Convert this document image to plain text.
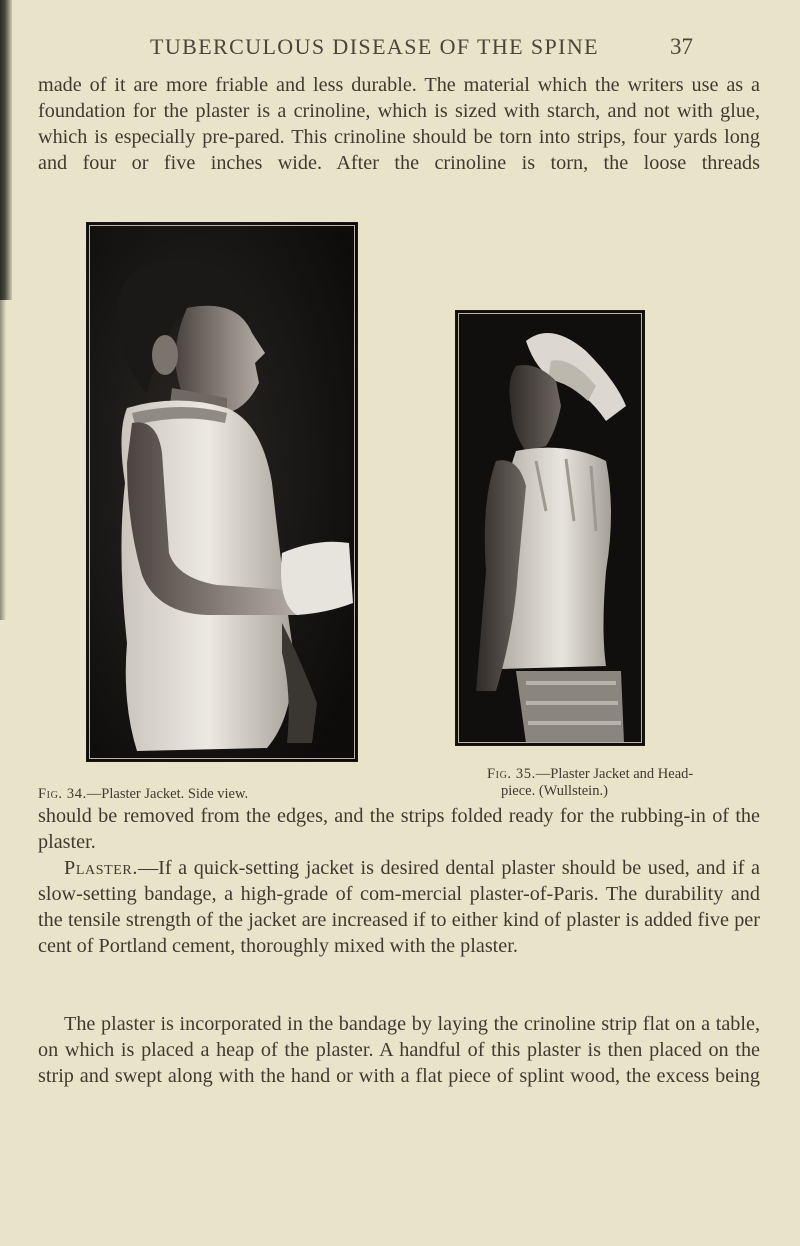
TUBERCULOUS DISEASE OF THE SPINE	37

made of it are more friable and less durable. The material which the writers use as a foundation for the plaster is a crinoline, which is sized with starch, and not with glue, which is especially pre-pared. This crinoline should be torn into strips, four yards long and four or five inches wide. After the crinoline is torn, the loose threads

Fig. 34.—Plaster Jacket. Side view.

Fig. 35.—Plaster Jacket and Head-
piece. (Wullstein.)

should be removed from the edges, and the strips folded ready for the rubbing-in of the plaster.

Plaster.—If a quick-setting jacket is desired dental plaster should be used, and if a slow-setting bandage, a high-grade of com-mercial plaster-of-Paris. The durability and the tensile strength of the jacket are increased if to either kind of plaster is added five per cent of Portland cement, thoroughly mixed with the plaster.

The plaster is incorporated in the bandage by laying the crinoline strip flat on a table, on which is placed a heap of the plaster. A handful of this plaster is then placed on the strip and swept along with the hand or with a flat piece of splint wood, the excess being
